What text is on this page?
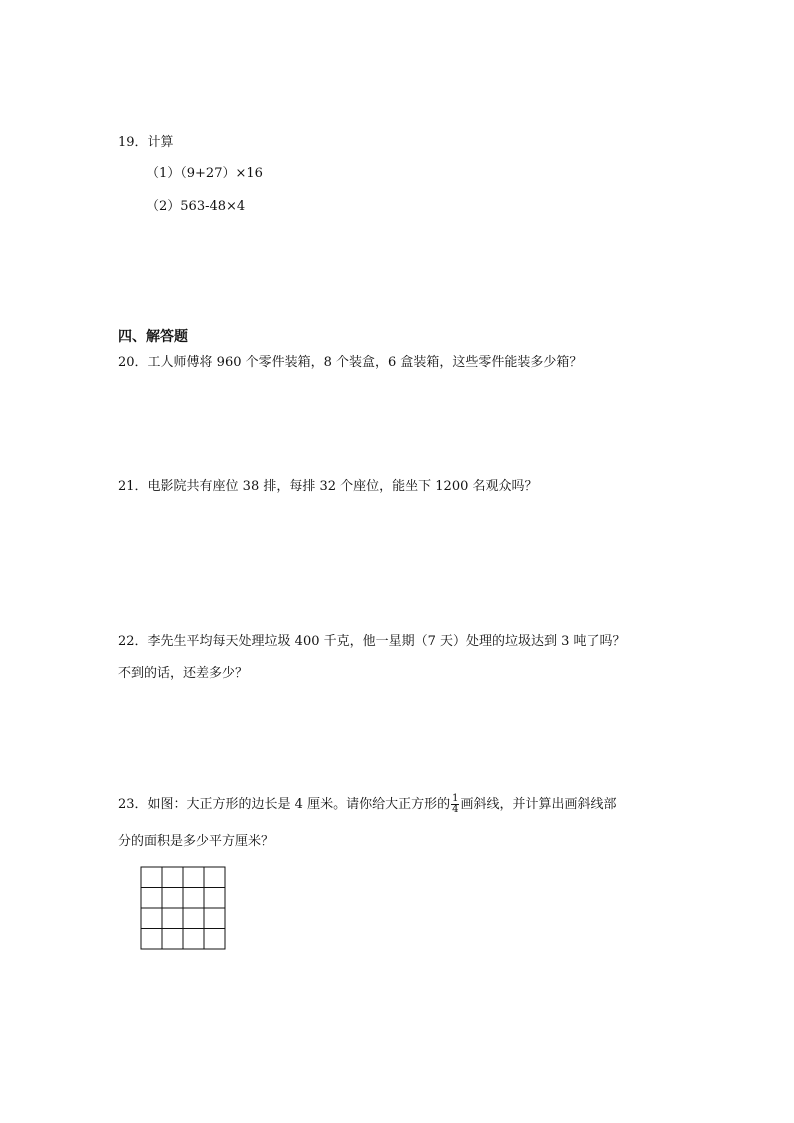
19．计算
（1）（9+27）×16
（2）563-48×4
四、解答题
20．工人师傅将 960 个零件装箱，8 个装盒，6 盒装箱，这些零件能装多少箱？
21．电影院共有座位 38 排，每排 32 个座位，能坐下 1200 名观众吗？
22．李先生平均每天处理垃圾 400 千克，他一星期（7 天）处理的垃圾达到 3 吨了吗？
不到的话，还差多少？
23．如图：大正方形的边长是 4 厘米。请你给大正方形的 $\frac{1}{4}$ 画斜线，并计算出画斜线部
分的面积是多少平方厘米？
